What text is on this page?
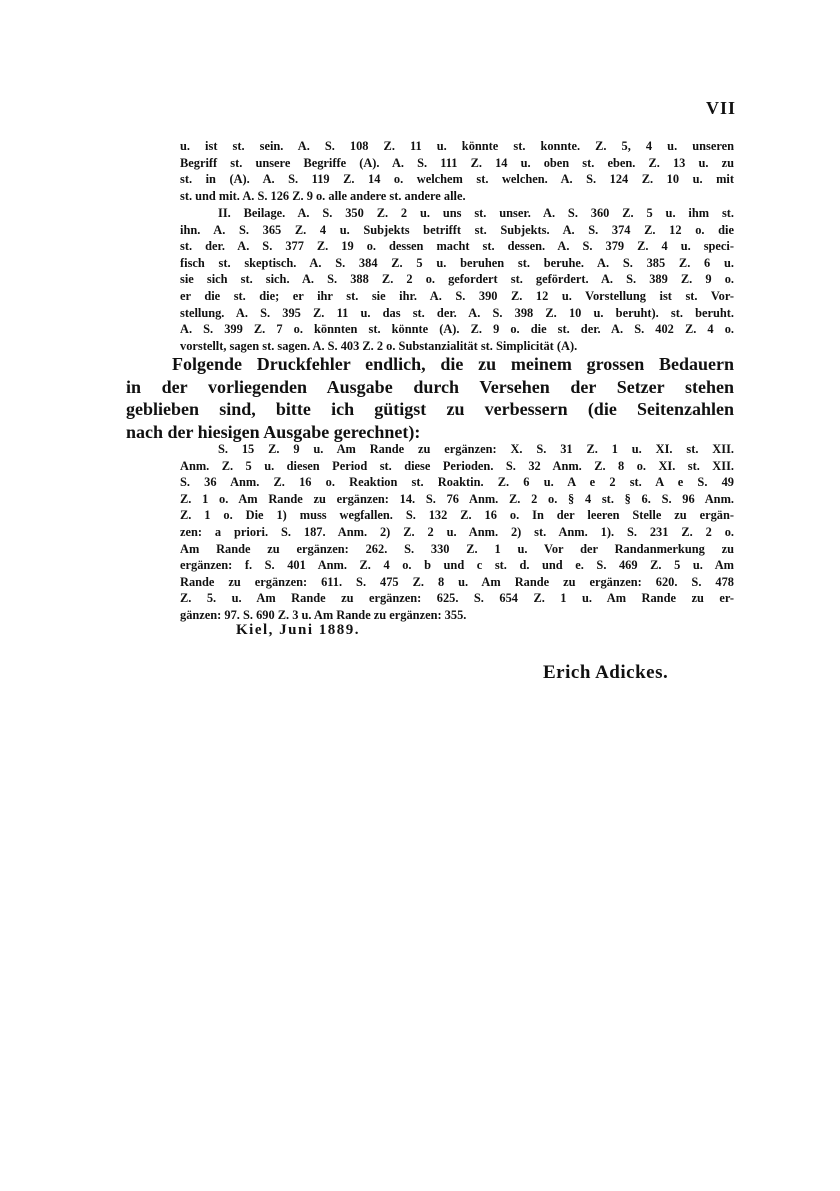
VII
u. ist st. sein. A. S. 108 Z. 11 u. könnte st. konnte. Z. 5, 4 u. unseren
Begriff st. unsere Begriffe (A). A. S. 111 Z. 14 u. oben st. eben. Z. 13 u. zu
st. in (A). A. S. 119 Z. 14 o. welchem st. welchen. A. S. 124 Z. 10 u. mit
st. und mit. A. S. 126 Z. 9 o. alle andere st. andere alle.
II. Beilage. A. S. 350 Z. 2 u. uns st. unser. A. S. 360 Z. 5 u. ihm st.
ihn. A. S. 365 Z. 4 u. Subjekts betrifft st. Subjekts. A. S. 374 Z. 12 o. die
st. der. A. S. 377 Z. 19 o. dessen macht st. dessen. A. S. 379 Z. 4 u. speci-
fisch st. skeptisch. A. S. 384 Z. 5 u. beruhen st. beruhe. A. S. 385 Z. 6 u.
sie sich st. sich. A. S. 388 Z. 2 o. gefordert st. gefördert. A. S. 389 Z. 9 o.
er die st. die; er ihr st. sie ihr. A. S. 390 Z. 12 u. Vorstellung ist st. Vor-
stellung. A. S. 395 Z. 11 u. das st. der. A. S. 398 Z. 10 u. beruht). st. beruht.
A. S. 399 Z. 7 o. könnten st. könnte (A). Z. 9 o. die st. der. A. S. 402 Z. 4 o.
vorstellt, sagen st. sagen. A. S. 403 Z. 2 o. Substanzialität st. Simplicität (A).
Folgende Druckfehler endlich, die zu meinem grossen Bedauern
in der vorliegenden Ausgabe durch Versehen der Setzer stehen
geblieben sind, bitte ich gütigst zu verbessern (die Seitenzahlen
nach der hiesigen Ausgabe gerechnet):
S. 15 Z. 9 u. Am Rande zu ergänzen: X. S. 31 Z. 1 u. XI. st. XII.
Anm. Z. 5 u. diesen Period st. diese Perioden. S. 32 Anm. Z. 8 o. XI. st. XII.
S. 36 Anm. Z. 16 o. Reaktion st. Roaktin. Z. 6 u. A e 2 st. A e S. 49
Z. 1 o. Am Rande zu ergänzen: 14. S. 76 Anm. Z. 2 o. § 4 st. § 6. S. 96 Anm.
Z. 1 o. Die 1) muss wegfallen. S. 132 Z. 16 o. In der leeren Stelle zu ergän-
zen: a priori. S. 187. Anm. 2) Z. 2 u. Anm. 2) st. Anm. 1). S. 231 Z. 2 o.
Am Rande zu ergänzen: 262. S. 330 Z. 1 u. Vor der Randanmerkung zu
ergänzen: f. S. 401 Anm. Z. 4 o. b und c st. d. und e. S. 469 Z. 5 u. Am
Rande zu ergänzen: 611. S. 475 Z. 8 u. Am Rande zu ergänzen: 620. S. 478
Z. 5. u. Am Rande zu ergänzen: 625. S. 654 Z. 1 u. Am Rande zu er-
gänzen: 97. S. 690 Z. 3 u. Am Rande zu ergänzen: 355.
Kiel, Juni 1889.
Erich Adickes.
